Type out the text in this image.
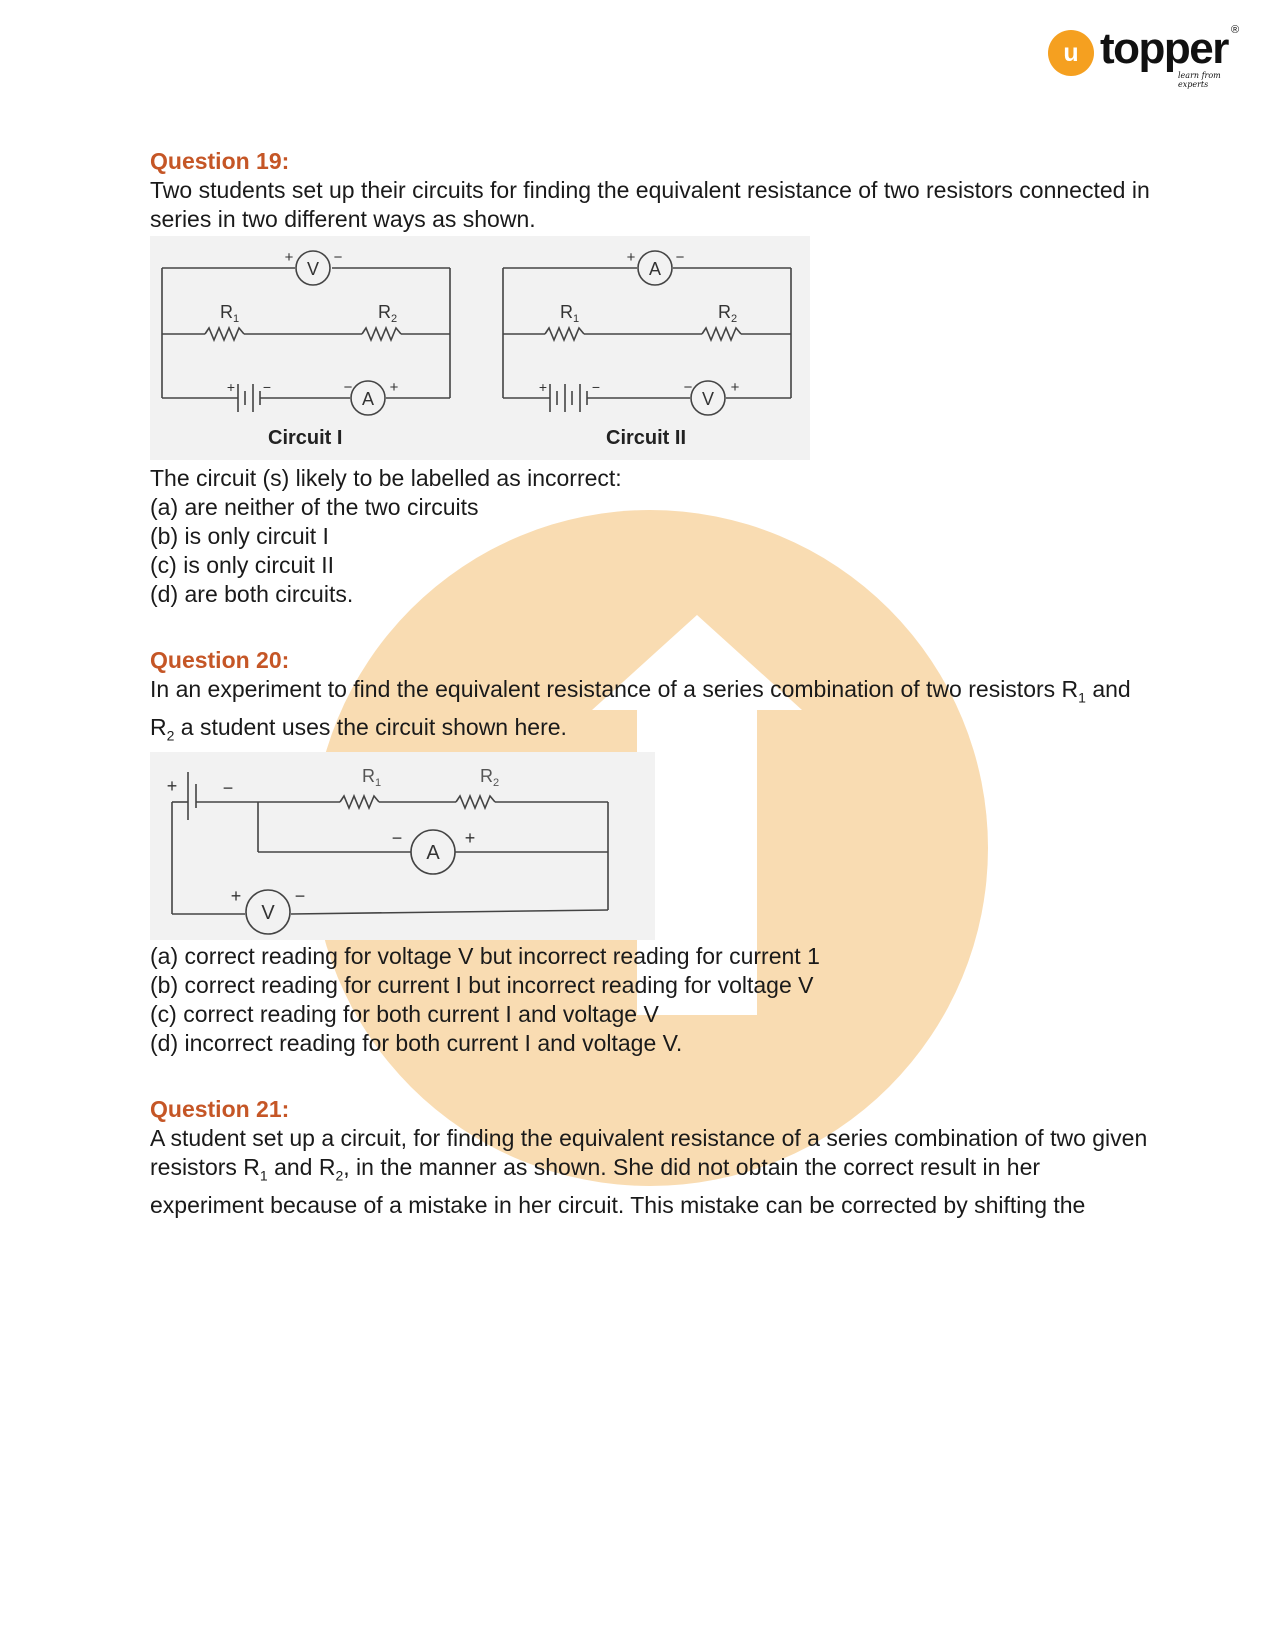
u topper ®
learn from experts

Question 19:

Two students set up their circuits for finding the equivalent resistance of two resistors connected in series in two different ways as shown.

V
A
A
V
+	−
− +
+	−
−	+
+ −	+	−
$R_1$	$R_2$	$R_1$	$R_2$
Circuit I	Circuit II

The circuit (s) likely to be labelled as incorrect:

(a) are neither of the two circuits

(b) is only circuit I

(c) is only circuit II

(d) are both circuits.

Question 20:

In an experiment to find the equivalent resistance of a series combination of two resistors $R_1$ and $R_2$ a student uses the circuit shown here.

A
V
+	−
−	+
+	−
$R_1$	$R_2$

(a) correct reading for voltage V but incorrect reading for current 1

(b) correct reading for current I but incorrect reading for voltage V

(c) correct reading for both current I and voltage V

(d) incorrect reading for both current I and voltage V.

Question 21:

A student set up a circuit, for finding the equivalent resistance of a series combination of two given resistors $R_1$ and $R_2$, in the manner as shown. She did not obtain the correct result in her experiment because of a mistake in her circuit. This mistake can be corrected by shifting the
